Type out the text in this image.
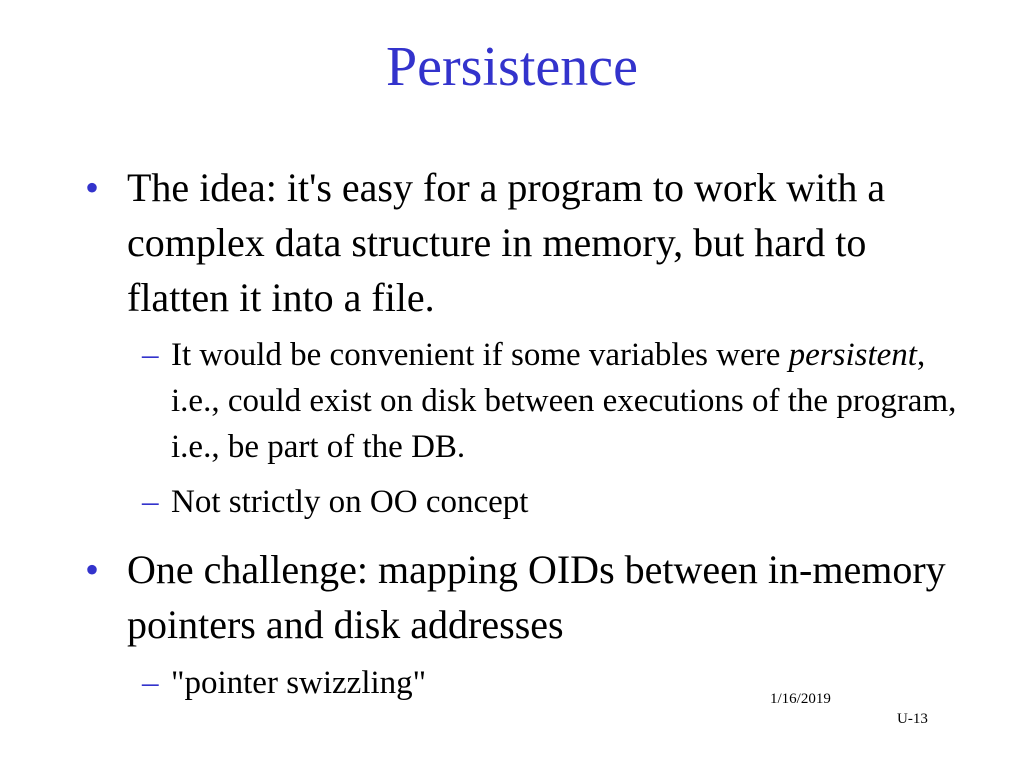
Persistence
• The idea: it's easy for a program to work with a complex data structure in memory, but hard to flatten it into a file.
– It would be convenient if some variables were persistent, i.e., could exist on disk between executions of the program, i.e., be part of the DB.
– Not strictly on OO concept
• One challenge: mapping OIDs between in-memory pointers and disk addresses
– "pointer swizzling"	1/16/2019
U-13
